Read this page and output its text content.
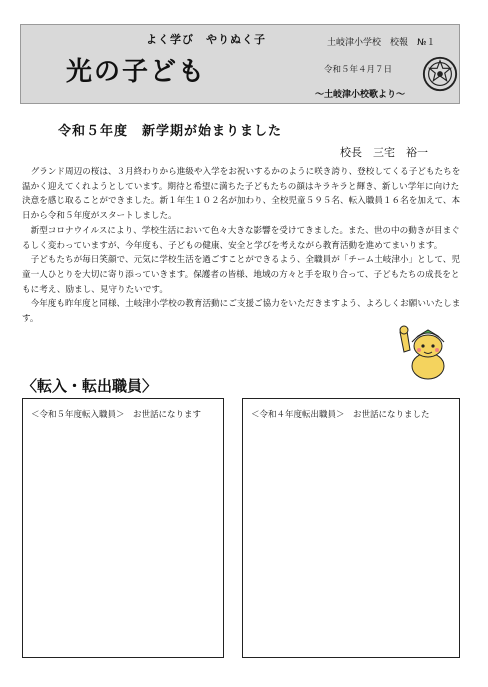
よく学び　やりぬく子
光の子ども
土岐津小学校　校報　№１
令和５年４月７日
～土岐津小校歌より～
令和５年度　新学期が始まりました
校長　三宅　裕一

グランド周辺の桜は、３月終わりから進級や入学をお祝いするかのように咲き誇り、登校してくる子どもたちを温かく迎えてくれようとしています。期待と希望に満ちた子どもたちの顔はキラキラと輝き、新しい学年に向けた決意を感じ取ることができました。新１年生１０２名が加わり、全校児童５９５名、転入職員１６名を加えて、本日から令和５年度がスタートしました。

新型コロナウイルスにより、学校生活において色々大きな影響を受けてきました。また、世の中の動きが目まぐるしく変わっていますが、今年度も、子どもの健康、安全と学びを考えながら教育活動を進めてまいります。

子どもたちが毎日笑顔で、元気に学校生活を過ごすことができるよう、全職員が「チーム土岐津小」として、児童一人ひとりを大切に寄り添っていきます。保護者の皆様、地域の方々と手を取り合って、子どもたちの成長をともに考え、励まし、見守りたいです。

今年度も昨年度と同様、土岐津小学校の教育活動にご支援ご協力をいただきますよう、よろしくお願いいたします。

〈転入・転出職員〉
＜令和５年度転入職員＞　お世話になります	＜令和４年度転出職員＞　お世話になりました
